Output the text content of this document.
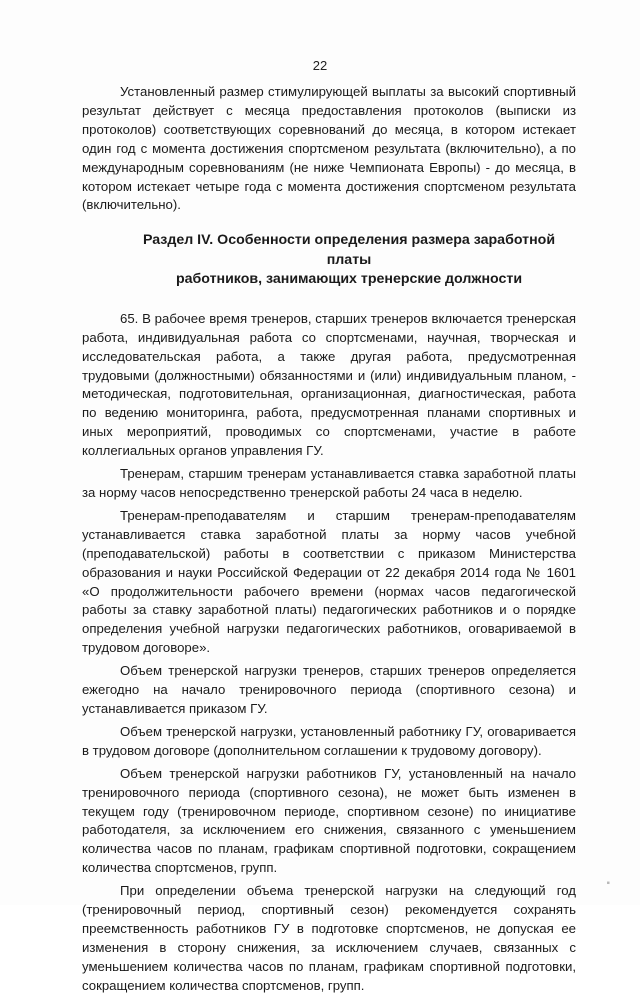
22

Установленный размер стимулирующей выплаты за высокий спортивный результат действует с месяца предоставления протоколов (выписки из протоколов) соответствующих соревнований до месяца, в котором истекает один год с момента достижения спортсменом результата (включительно), а по международным соревнованиям (не ниже Чемпионата Европы) - до месяца, в котором истекает четыре года с момента достижения спортсменом результата (включительно).

Раздел IV. Особенности определения размера заработной платы
работников, занимающих тренерские должности

65. В рабочее время тренеров, старших тренеров включается тренерская работа, индивидуальная работа со спортсменами, научная, творческая и исследовательская работа, а также другая работа, предусмотренная трудовыми (должностными) обязанностями и (или) индивидуальным планом, - методическая, подготовительная, организационная, диагностическая, работа по ведению мониторинга, работа, предусмотренная планами спортивных и иных мероприятий, проводимых со спортсменами, участие в работе коллегиальных органов управления ГУ.

Тренерам, старшим тренерам устанавливается ставка заработной платы за норму часов непосредственно тренерской работы 24 часа в неделю.

Тренерам-преподавателям и старшим тренерам-преподавателям устанавливается ставка заработной платы за норму часов учебной (преподавательской) работы в соответствии с приказом Министерства образования и науки Российской Федерации от 22 декабря 2014 года № 1601 «О продолжительности рабочего времени (нормах часов педагогической работы за ставку заработной платы) педагогических работников и о порядке определения учебной нагрузки педагогических работников, оговариваемой в трудовом договоре».

Объем тренерской нагрузки тренеров, старших тренеров определяется ежегодно на начало тренировочного периода (спортивного сезона) и устанавливается приказом ГУ.

Объем тренерской нагрузки, установленный работнику ГУ, оговаривается в трудовом договоре (дополнительном соглашении к трудовому договору).

Объем тренерской нагрузки работников ГУ, установленный на начало тренировочного периода (спортивного сезона), не может быть изменен в текущем году (тренировочном периоде, спортивном сезоне) по инициативе работодателя, за исключением его снижения, связанного с уменьшением количества часов по планам, графикам спортивной подготовки, сокращением количества спортсменов, групп.

При определении объема тренерской нагрузки на следующий год (тренировочный период, спортивный сезон) рекомендуется сохранять преемственность работников ГУ в подготовке спортсменов, не допуская ее изменения в сторону снижения, за исключением случаев, связанных с уменьшением количества часов по планам, графикам спортивной подготовки, сокращением количества спортсменов, групп.

▪
